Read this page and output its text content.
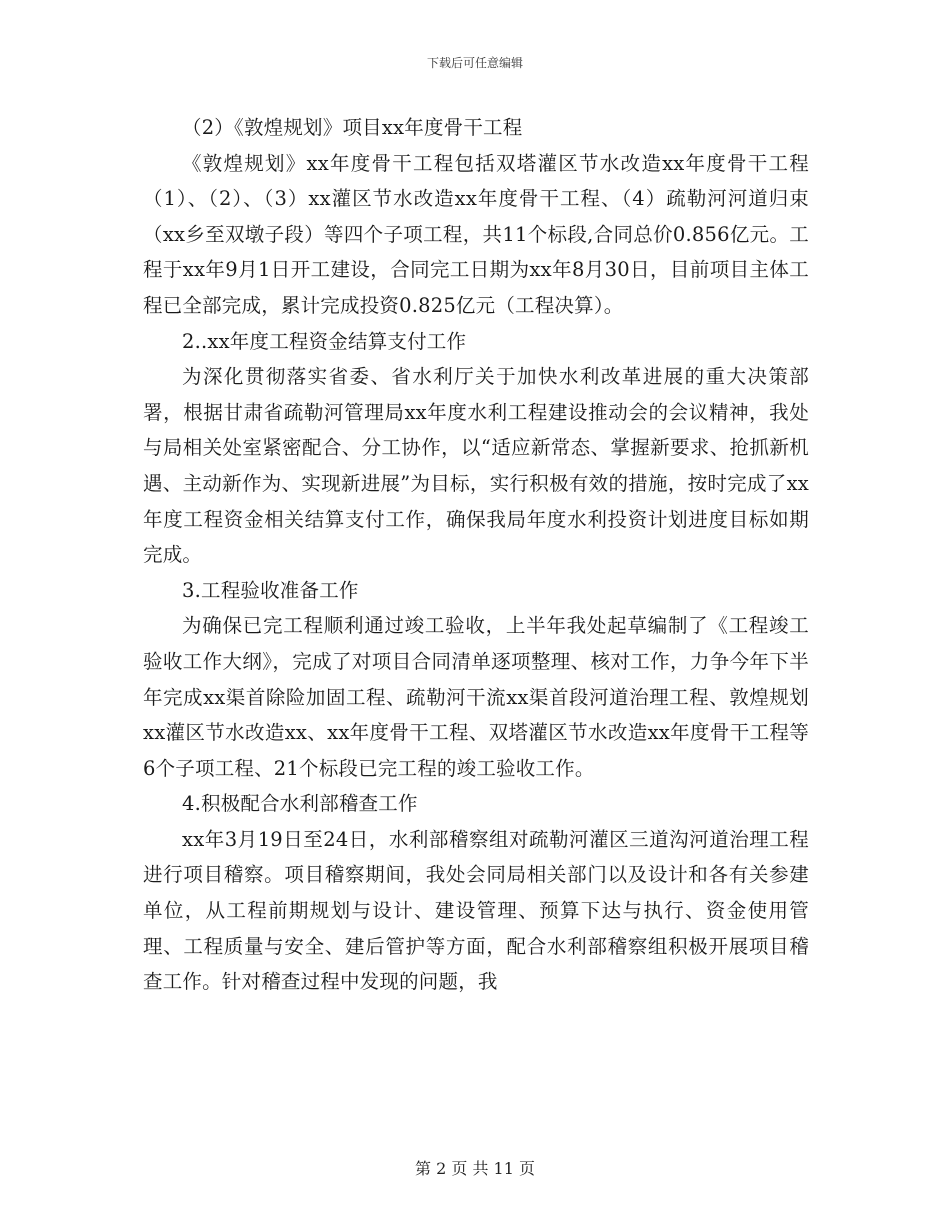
下载后可任意编辑

（2）《敦煌规划》项目xx年度骨干工程

《敦煌规划》xx年度骨干工程包括双塔灌区节水改造xx年度骨干工程（1）、（2）、（3）xx灌区节水改造xx年度骨干工程、（4）疏勒河河道归束（xx乡至双墩子段）等四个子项工程，共11个标段,合同总价0.856亿元。工程于xx年9月1日开工建设，合同完工日期为xx年8月30日，目前项目主体工程已全部完成，累计完成投资0.825亿元（工程决算）。

2..xx年度工程资金结算支付工作

为深化贯彻落实省委、省水利厅关于加快水利改革进展的重大决策部署，根据甘肃省疏勒河管理局xx年度水利工程建设推动会的会议精神，我处与局相关处室紧密配合、分工协作，以“适应新常态、掌握新要求、抢抓新机遇、主动新作为、实现新进展”为目标，实行积极有效的措施，按时完成了xx年度工程资金相关结算支付工作，确保我局年度水利投资计划进度目标如期完成。

3.工程验收准备工作

为确保已完工程顺利通过竣工验收，上半年我处起草编制了《工程竣工验收工作大纲》，完成了对项目合同清单逐项整理、核对工作，力争今年下半年完成xx渠首除险加固工程、疏勒河干流xx渠首段河道治理工程、敦煌规划xx灌区节水改造xx、xx年度骨干工程、双塔灌区节水改造xx年度骨干工程等6个子项工程、21个标段已完工程的竣工验收工作。

4.积极配合水利部稽查工作

xx年3月19日至24日，水利部稽察组对疏勒河灌区三道沟河道治理工程进行项目稽察。项目稽察期间，我处会同局相关部门以及设计和各有关参建单位，从工程前期规划与设计、建设管理、预算下达与执行、资金使用管理、工程质量与安全、建后管护等方面，配合水利部稽察组积极开展项目稽查工作。针对稽查过程中发现的问题，我

第 2 页 共 11 页
